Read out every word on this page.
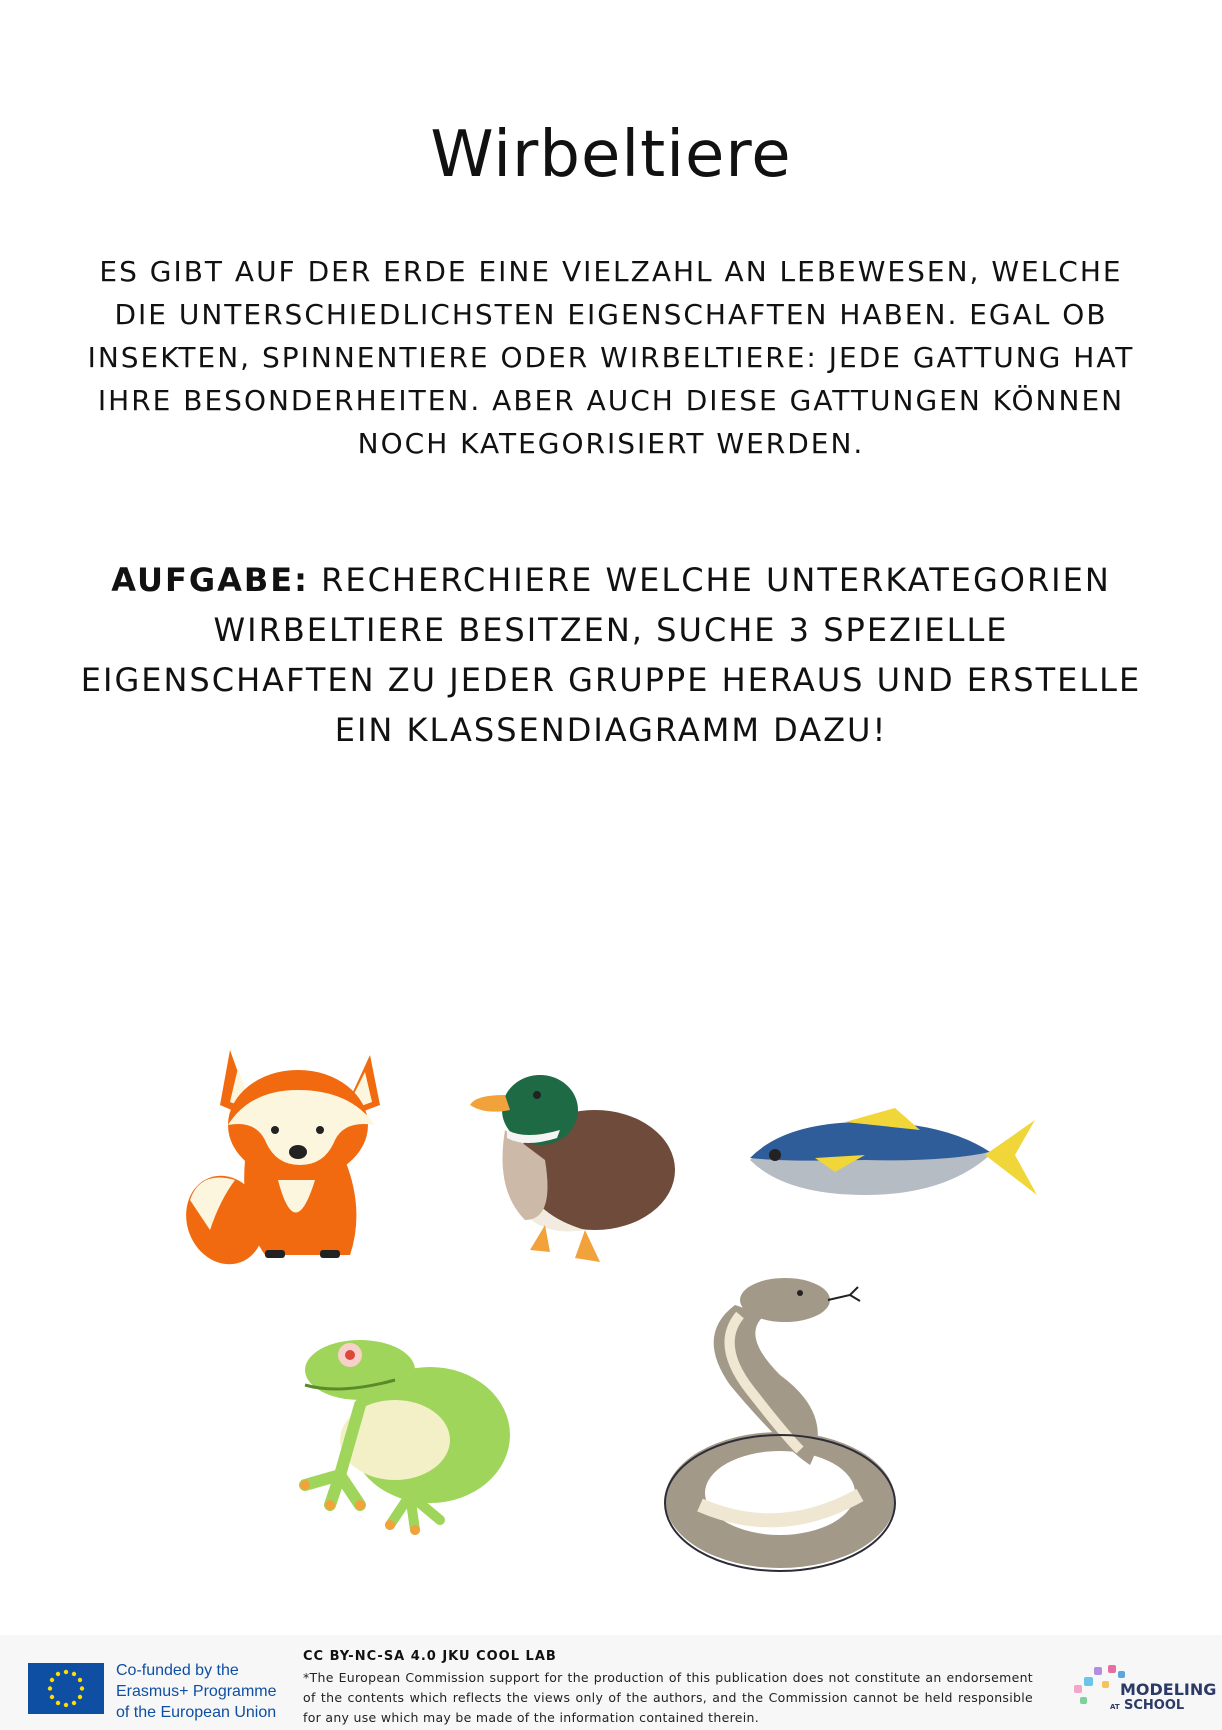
Wirbeltiere

ES GIBT AUF DER ERDE EINE VIELZAHL AN LEBEWESEN, WELCHE DIE UNTERSCHIEDLICHSTEN EIGENSCHAFTEN HABEN. EGAL OB INSEKTEN, SPINNENTIERE ODER WIRBELTIERE: JEDE GATTUNG HAT IHRE BESONDERHEITEN. ABER AUCH DIESE GATTUNGEN KÖNNEN NOCH KATEGORISIERT WERDEN.

AUFGABE: RECHERCHIERE WELCHE UNTERKATEGORIEN WIRBELTIERE BESITZEN, SUCHE 3 SPEZIELLE EIGENSCHAFTEN ZU JEDER GRUPPE HERAUS UND ERSTELLE EIN KLASSENDIAGRAMM DAZU!

Co-funded by the
Erasmus+ Programme
of the European Union
CC BY-NC-SA 4.0 JKU COOL LAB
*The European Commission support for the production of this publication does not constitute an endorsement of the contents which reflects the views only of the authors, and the Commission cannot be held responsible for any use which may be made of the information contained therein.
MODELING
AT SCHOOL
